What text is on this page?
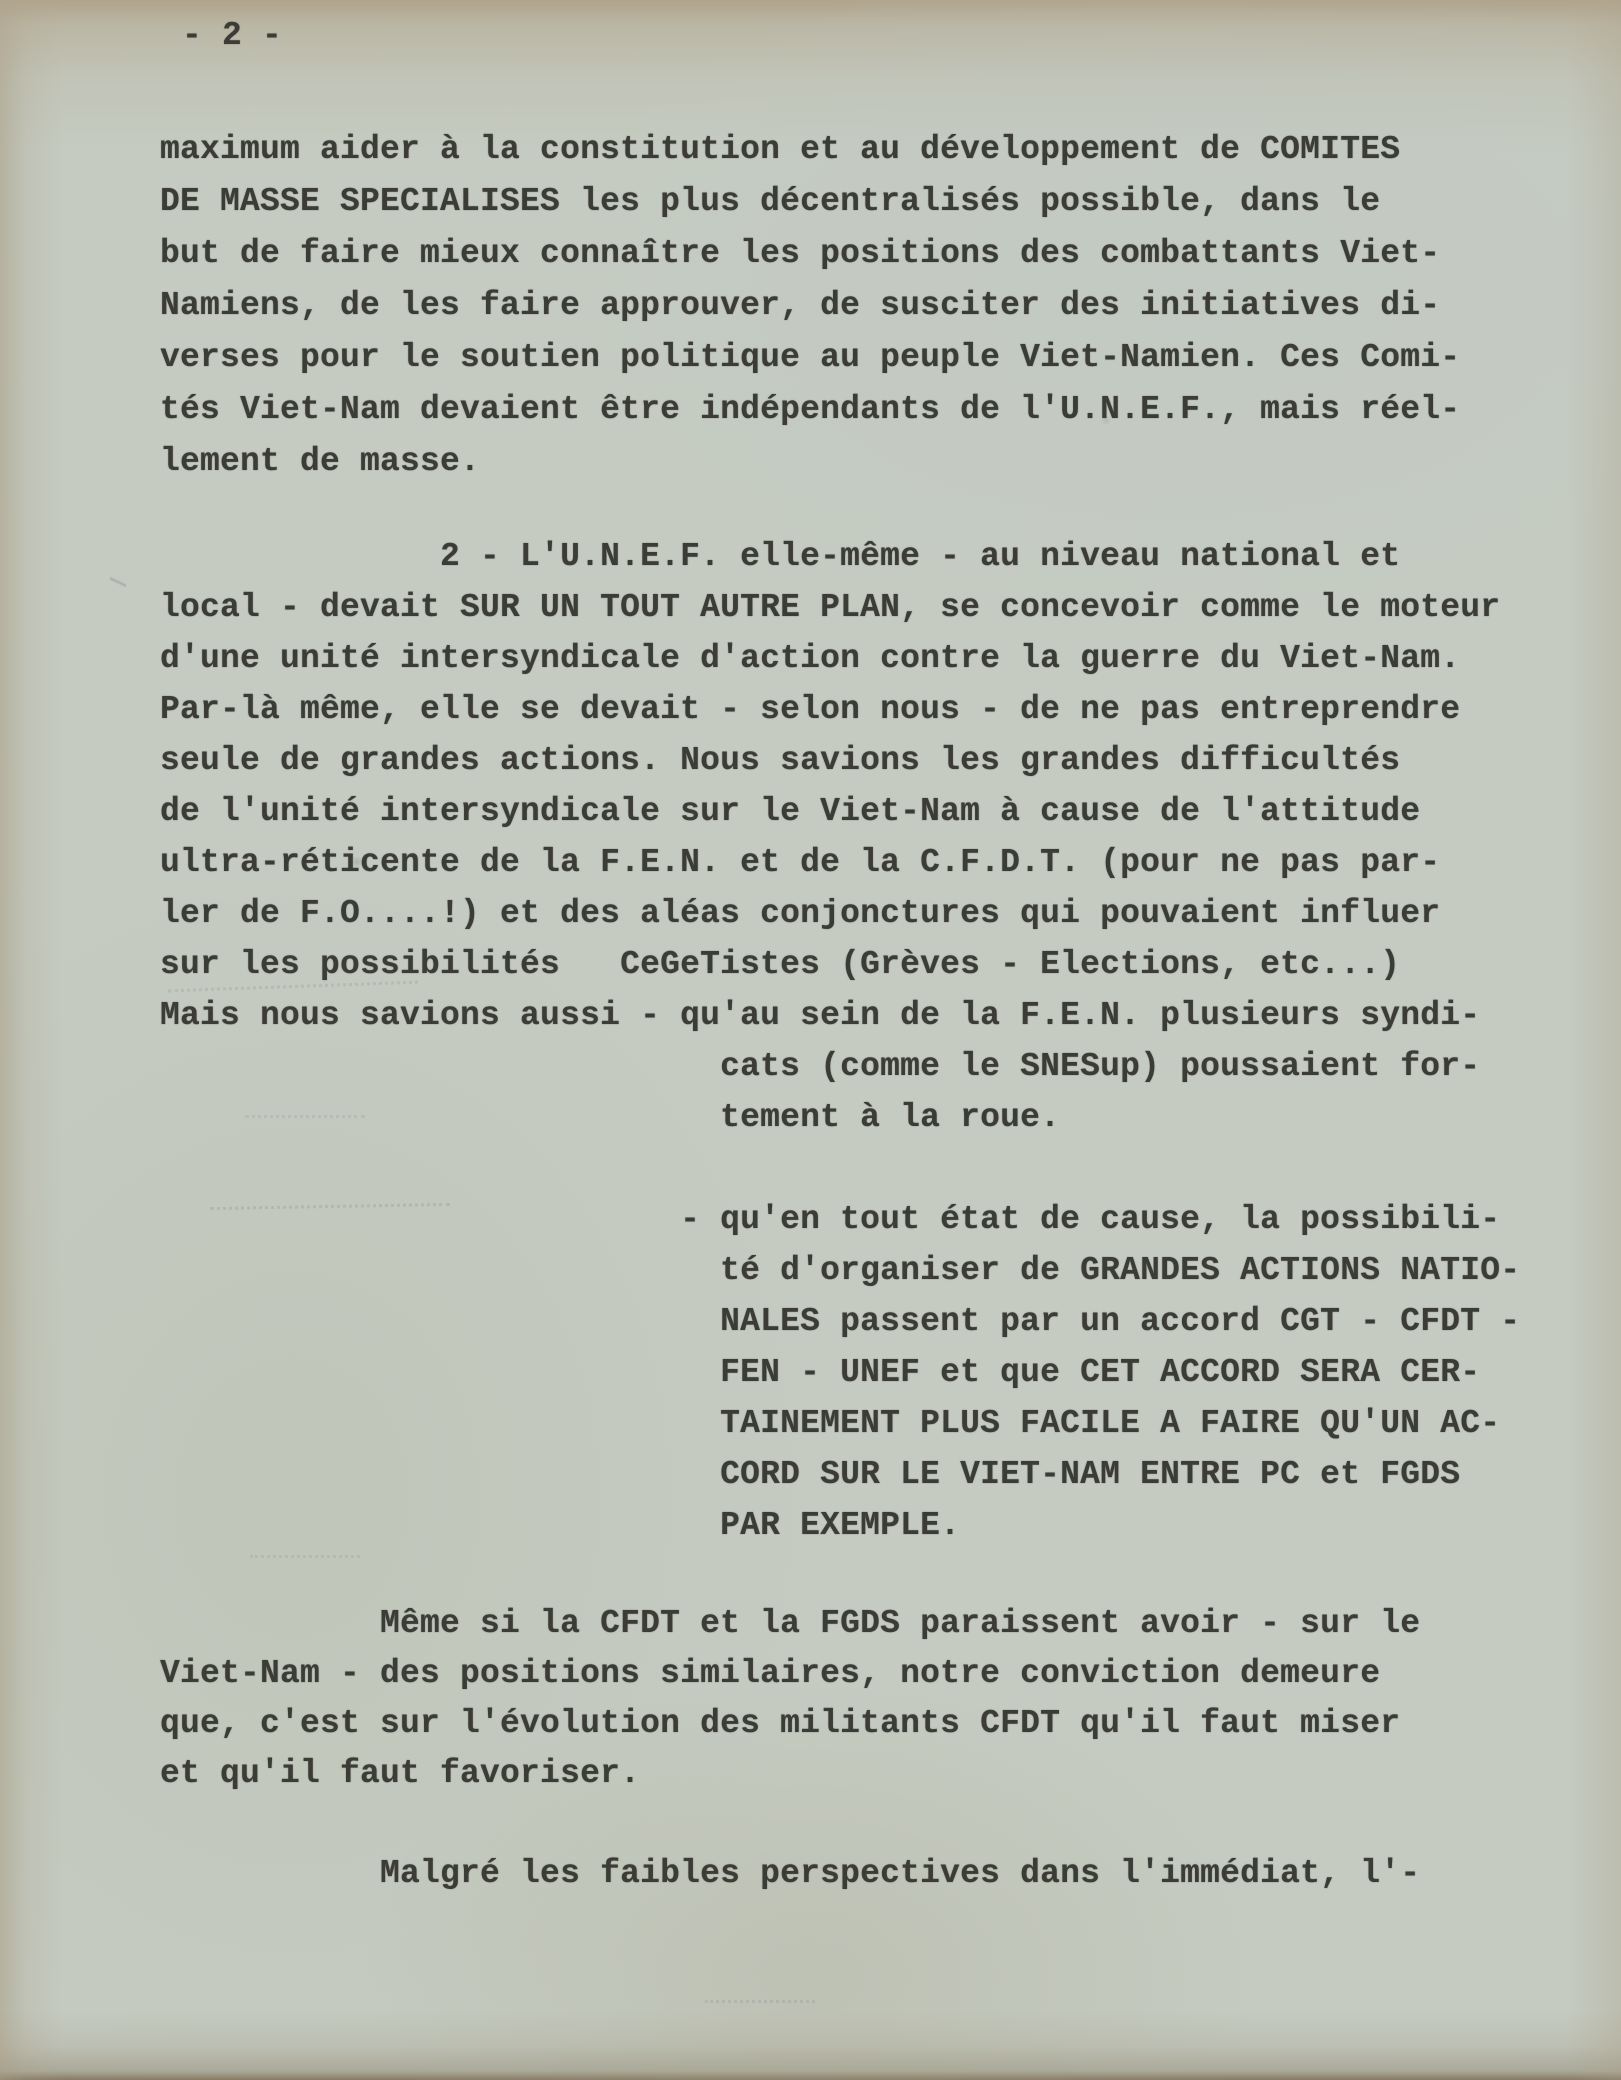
- 2 -
maximum aider à la constitution et au développement de COMITES
DE MASSE SPECIALISES les plus décentralisés possible, dans le
but de faire mieux connaître les positions des combattants Viet-
Namiens, de les faire approuver, de susciter des initiatives di-
verses pour le soutien politique au peuple Viet-Namien. Ces Comi-
tés Viet-Nam devaient être indépendants de l'U.N.E.F., mais réel-
lement de masse.
2 - L'U.N.E.F. elle-même - au niveau national et
local - devait SUR UN TOUT AUTRE PLAN, se concevoir comme le moteur
d'une unité intersyndicale d'action contre la guerre du Viet-Nam.
Par-là même, elle se devait - selon nous - de ne pas entreprendre
seule de grandes actions. Nous savions les grandes difficultés
de l'unité intersyndicale sur le Viet-Nam à cause de l'attitude
ultra-réticente de la F.E.N. et de la C.F.D.T. (pour ne pas par-
ler de F.O....!) et des aléas conjonctures qui pouvaient influer
sur les possibilités   CeGeTistes (Grèves - Elections, etc...)
Mais nous savions aussi - qu'au sein de la F.E.N. plusieurs syndi-
cats (comme le SNESup) poussaient for-
tement à la roue.
- qu'en tout état de cause, la possibili-
té d'organiser de GRANDES ACTIONS NATIO-
NALES passent par un accord CGT - CFDT -
FEN - UNEF et que CET ACCORD SERA CER-
TAINEMENT PLUS FACILE A FAIRE QU'UN AC-
CORD SUR LE VIET-NAM ENTRE PC et FGDS
PAR EXEMPLE.
Même si la CFDT et la FGDS paraissent avoir - sur le
Viet-Nam - des positions similaires, notre conviction demeure
que, c'est sur l'évolution des militants CFDT qu'il faut miser
et qu'il faut favoriser.
Malgré les faibles perspectives dans l'immédiat, l'-
